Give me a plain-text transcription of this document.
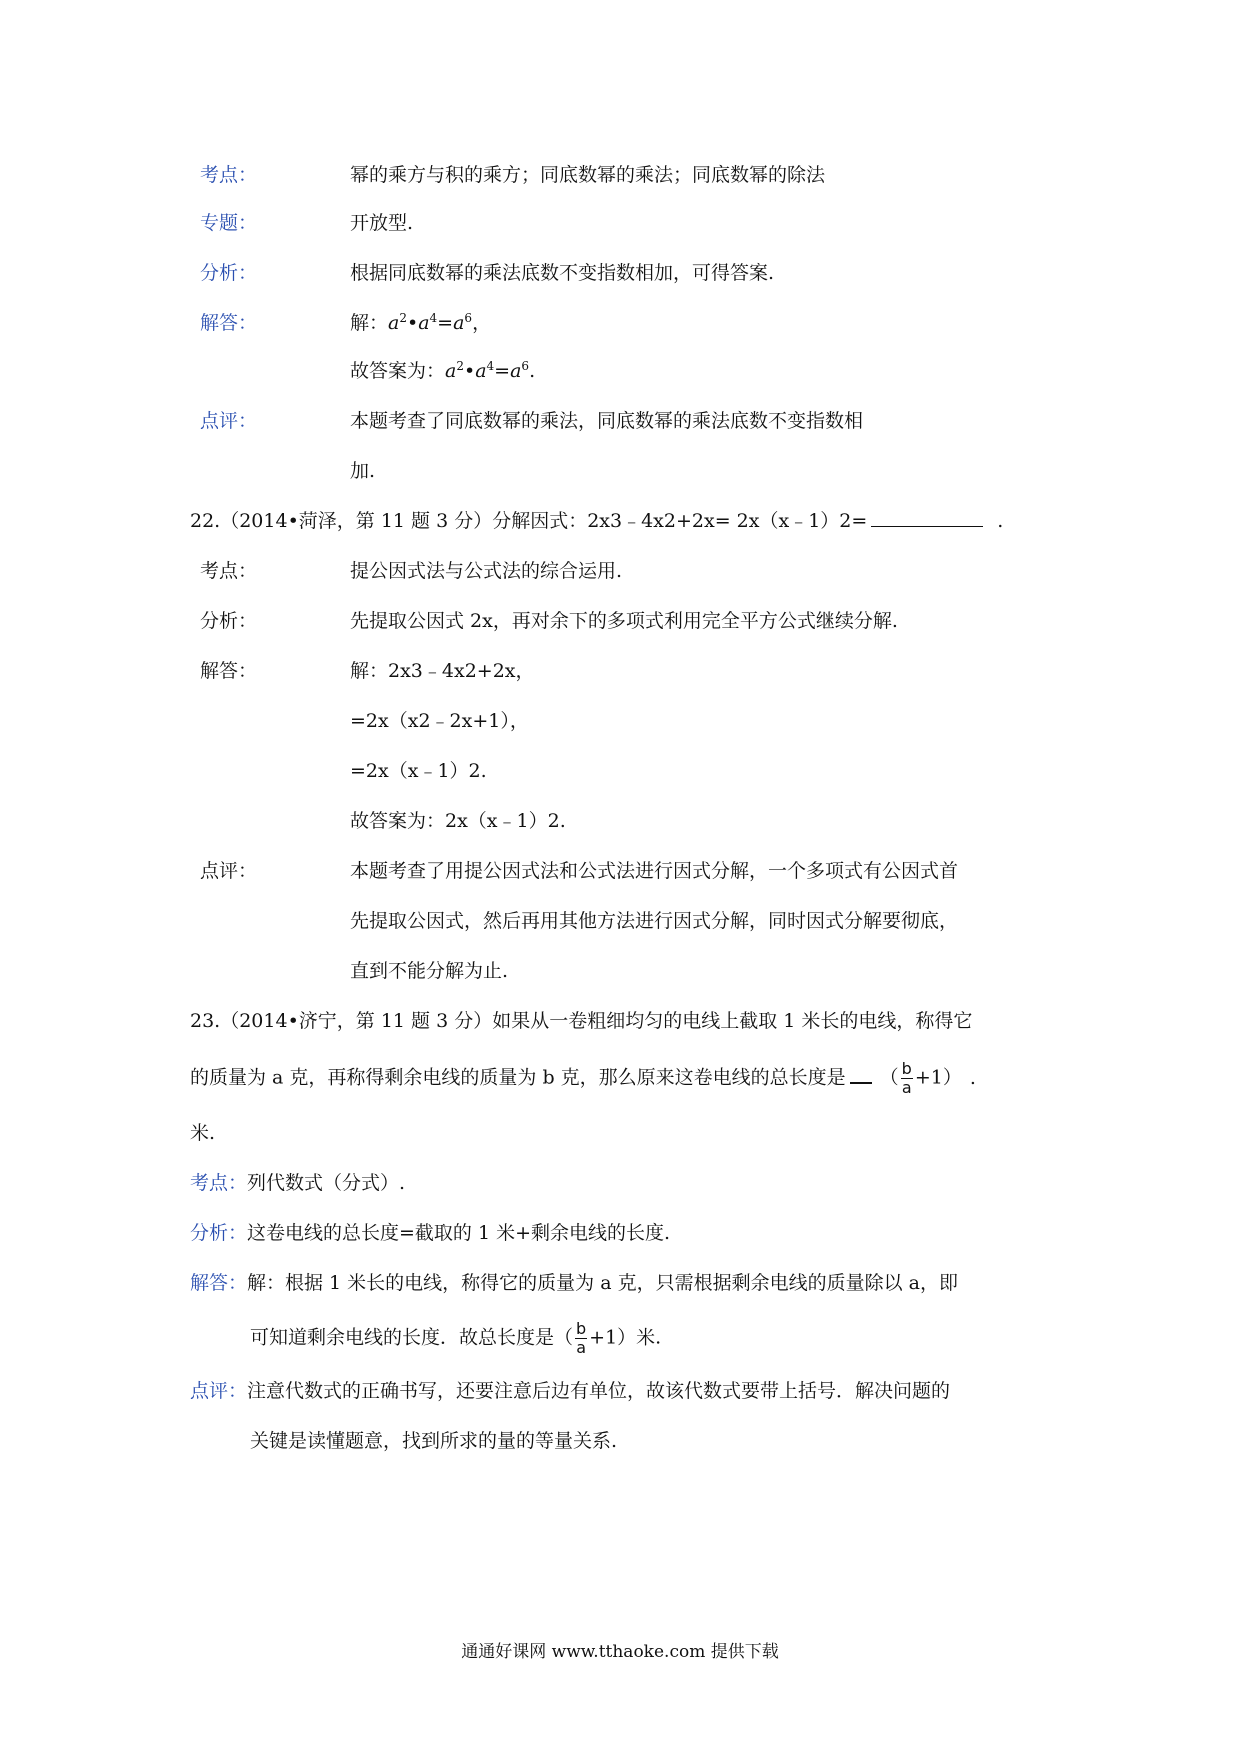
考点：	幂的乘方与积的乘方；同底数幂的乘法；同底数幂的除法
专题：	开放型.
分析：	根据同底数幂的乘法底数不变指数相加，可得答案.
解答：	解：$a^2•a^4=a^6$，
故答案为：$a^2•a^4=a^6$.
点评：	本题考查了同底数幂的乘法，同底数幂的乘法底数不变指数相
加.
22.（2014•菏泽，第 11 题 3 分）分解因式：2x3﹣4x2+2x= 2x（x﹣1）2=	.
考点：	提公因式法与公式法的综合运用.
分析：	先提取公因式 2x，再对余下的多项式利用完全平方公式继续分解.
解答：	解：2x3﹣4x2+2x，
=2x（x2﹣2x+1），
=2x（x﹣1）2.
故答案为：2x（x﹣1）2.
点评：	本题考查了用提公因式法和公式法进行因式分解，一个多项式有公因式首
先提取公因式，然后再用其他方法进行因式分解，同时因式分解要彻底，
直到不能分解为止.
23.（2014•济宁，第 11 题 3 分）如果从一卷粗细均匀的电线上截取 1 米长的电线，称得它
的质量为 a 克，再称得剩余电线的质量为 b 克，那么原来这卷电线的总长度是 （ $\frac{b}{a} +1$） .
米.
考点：列代数式（分式）.
分析：这卷电线的总长度=截取的 1 米+剩余电线的长度.
解答：解：根据 1 米长的电线，称得它的质量为 a 克，只需根据剩余电线的质量除以 a，即
可知道剩余电线的长度．故总长度是（ $\frac{b}{a} +1$）米.
点评：注意代数式的正确书写，还要注意后边有单位，故该代数式要带上括号．解决问题的
关键是读懂题意，找到所求的量的等量关系.
通通好课网 www.tthaoke.com 提供下载
